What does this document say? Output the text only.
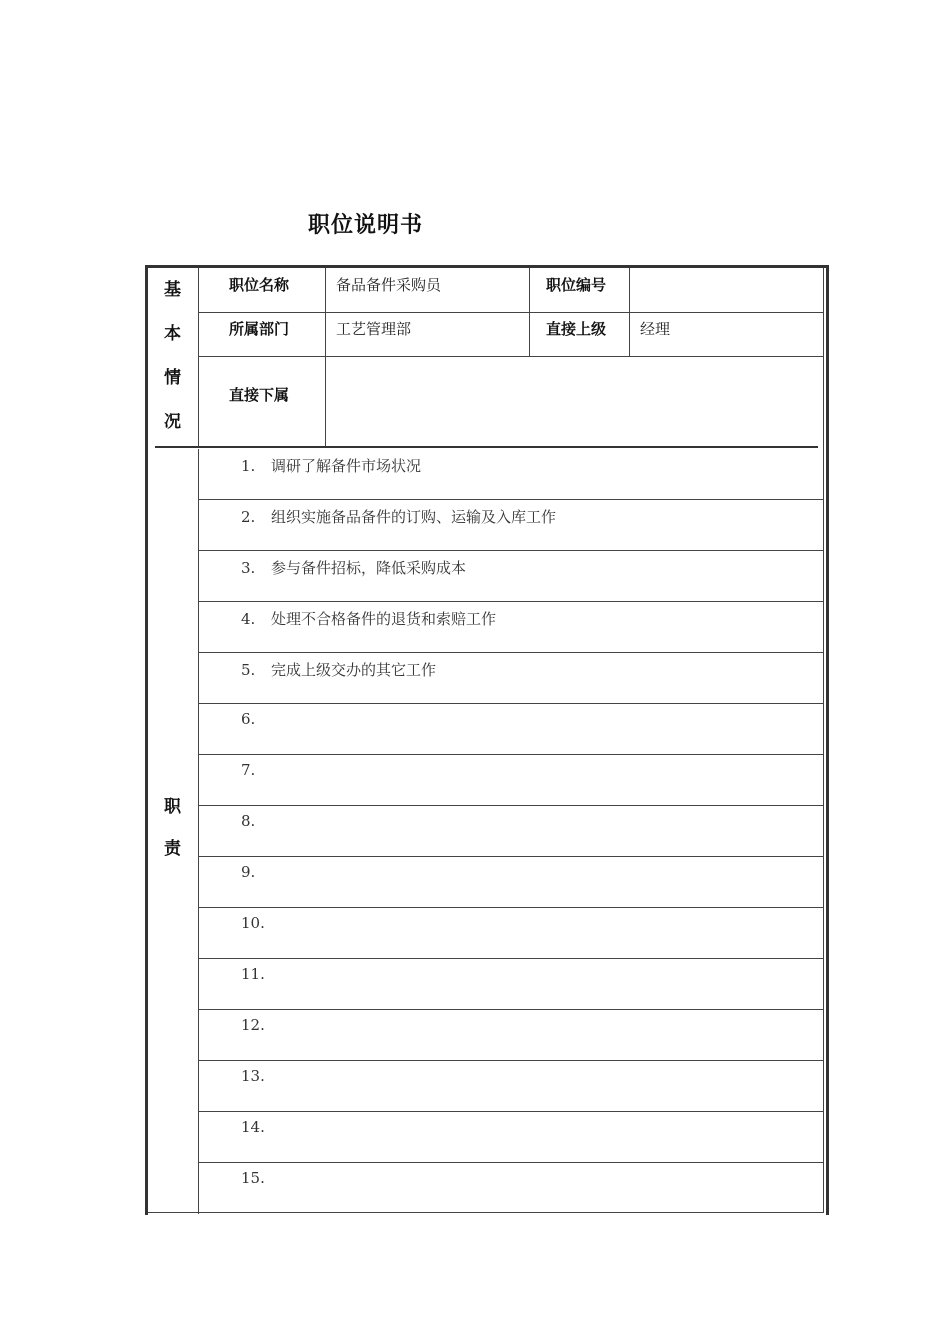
职位说明书
基
本
情
况
职位名称	备品备件采购员	职位编号
所属部门	工艺管理部	直接上级 经理
直接下属
职
责
1. 调研了解备件市场状况
2. 组织实施备品备件的订购、运输及入库工作
3. 参与备件招标，降低采购成本
4. 处理不合格备件的退货和索赔工作
5. 完成上级交办的其它工作
6.
7.
8.
9.
10.
11.
12.
13.
14.
15.
